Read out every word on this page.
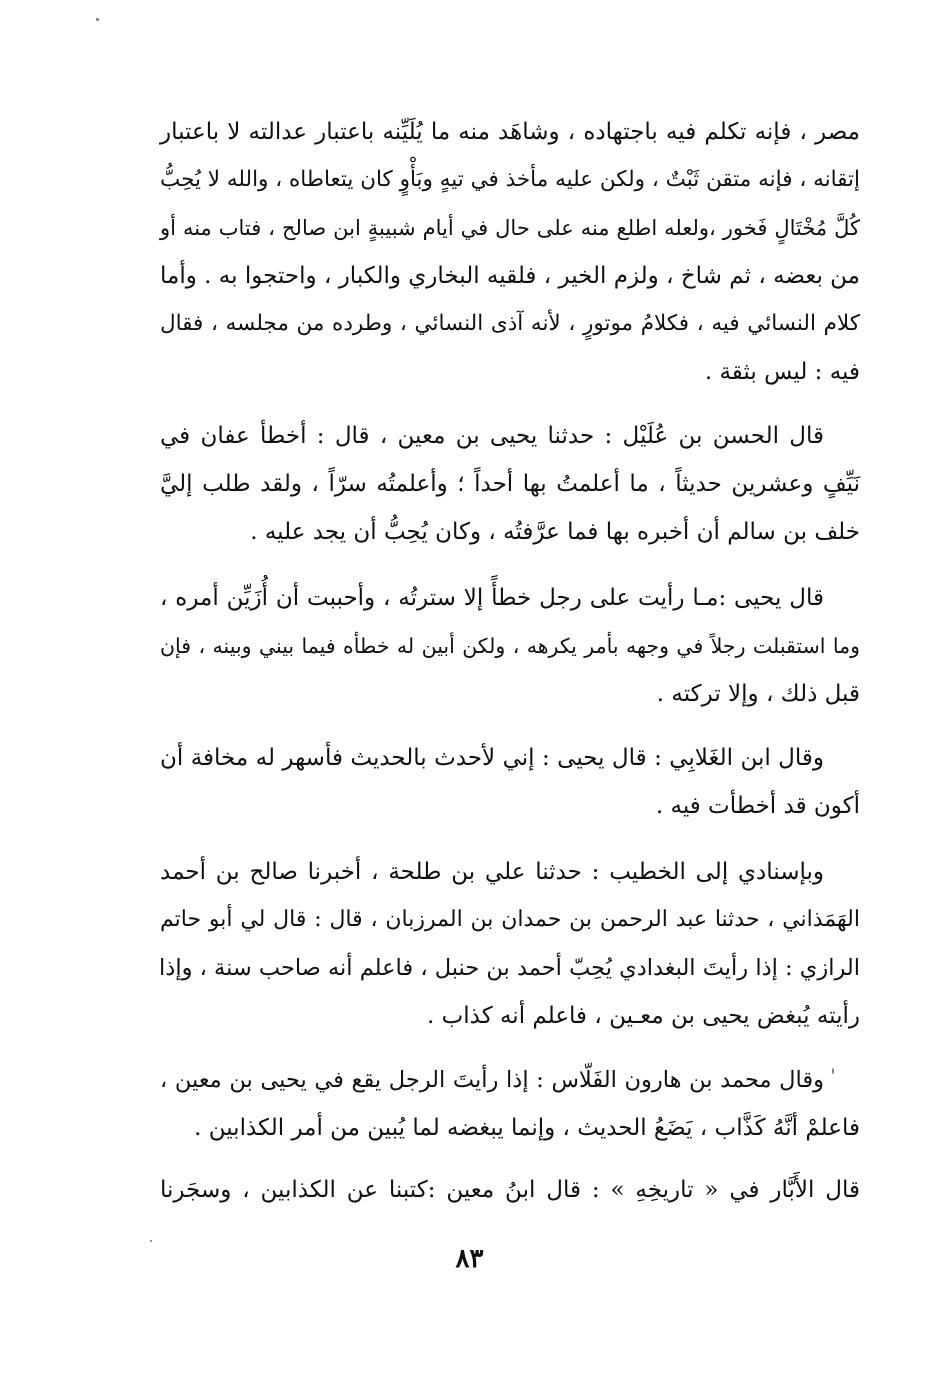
مصر ، فإنه تكلم فيه باجتهاده ، وشاهَد منه ما يُلَيِّنه باعتبار عدالته لا باعتبار
إتقانه ، فإنه متقن ثَبْتٌ ، ولكن عليه مأخذ في تيهٍ وبَأْوٍ كان يتعاطاه ، والله لا يُحِبُّ
كُلَّ مُخْتَالٍ فَخور ،ولعله اطلع منه على حال في أيام شبيبةٍ ابن صالح ، فتاب منه أو
من بعضه ، ثم شاخ ، ولزم الخير ، فلقيه البخاري والكبار ، واحتجوا به . وأما
كلام النسائي فيه ، فكلامُ موتورٍ ، لأنه آذى النسائي ، وطرده من مجلسه ، فقال
فيه : ليس بثقة .
قال الحسن بن عُلَيْل : حدثنا يحيى بن معين ، قال : أخطأ عفان في
نَيِّفٍ وعشرين حديثاً ، ما أعلمتُ بها أحداً ؛ وأعلمتُه سرّاً ، ولقد طلب إليَّ
خلف بن سالم أن أخبره بها فما عرَّفتُه ، وكان يُحِبُّ أن يجد عليه .
قال يحيى :مـا رأيت على رجل خطأً إلا سترتُه ، وأحببت أن أُزَيِّن أمره ،
وما استقبلت رجلاً في وجهه بأمر يكرهه ، ولكن أبين له خطأه فيما بيني وبينه ، فإن
قبل ذلك ، وإلا تركته .
وقال ابن الغَلابِي : قال يحيى : إني لأحدث بالحديث فأسهر له مخافة أن
أكون قد أخطأت فيه .
وبإسنادي إلى الخطيب : حدثنا علي بن طلحة ، أخبرنا صالح بن أحمد
الهَمَذاني ، حدثنا عبد الرحمن بن حمدان بن المرزبان ، قال : قال لي أبو حاتم
الرازي : إذا رأيتَ البغدادي يُحِبّ أحمد بن حنبل ، فاعلم أنه صاحب سنة ، وإذا
رأيته يُبغض يحيى بن معـين ، فاعلم أنه كذاب .
وقال محمد بن هارون الفَلّاس : إذا رأيتَ الرجل يقع في يحيى بن معين ،
فاعلمْ أنَّهُ كَذَّاب ، يَضَعُ الحديث ، وإنما يبغضه لما يُبين من أمر الكذابين .
قال الأَبَّار في « تاريخِهِ » : قال ابنُ معين :كتبنا عن الكذابين ، وسجَرنا
٨٣
